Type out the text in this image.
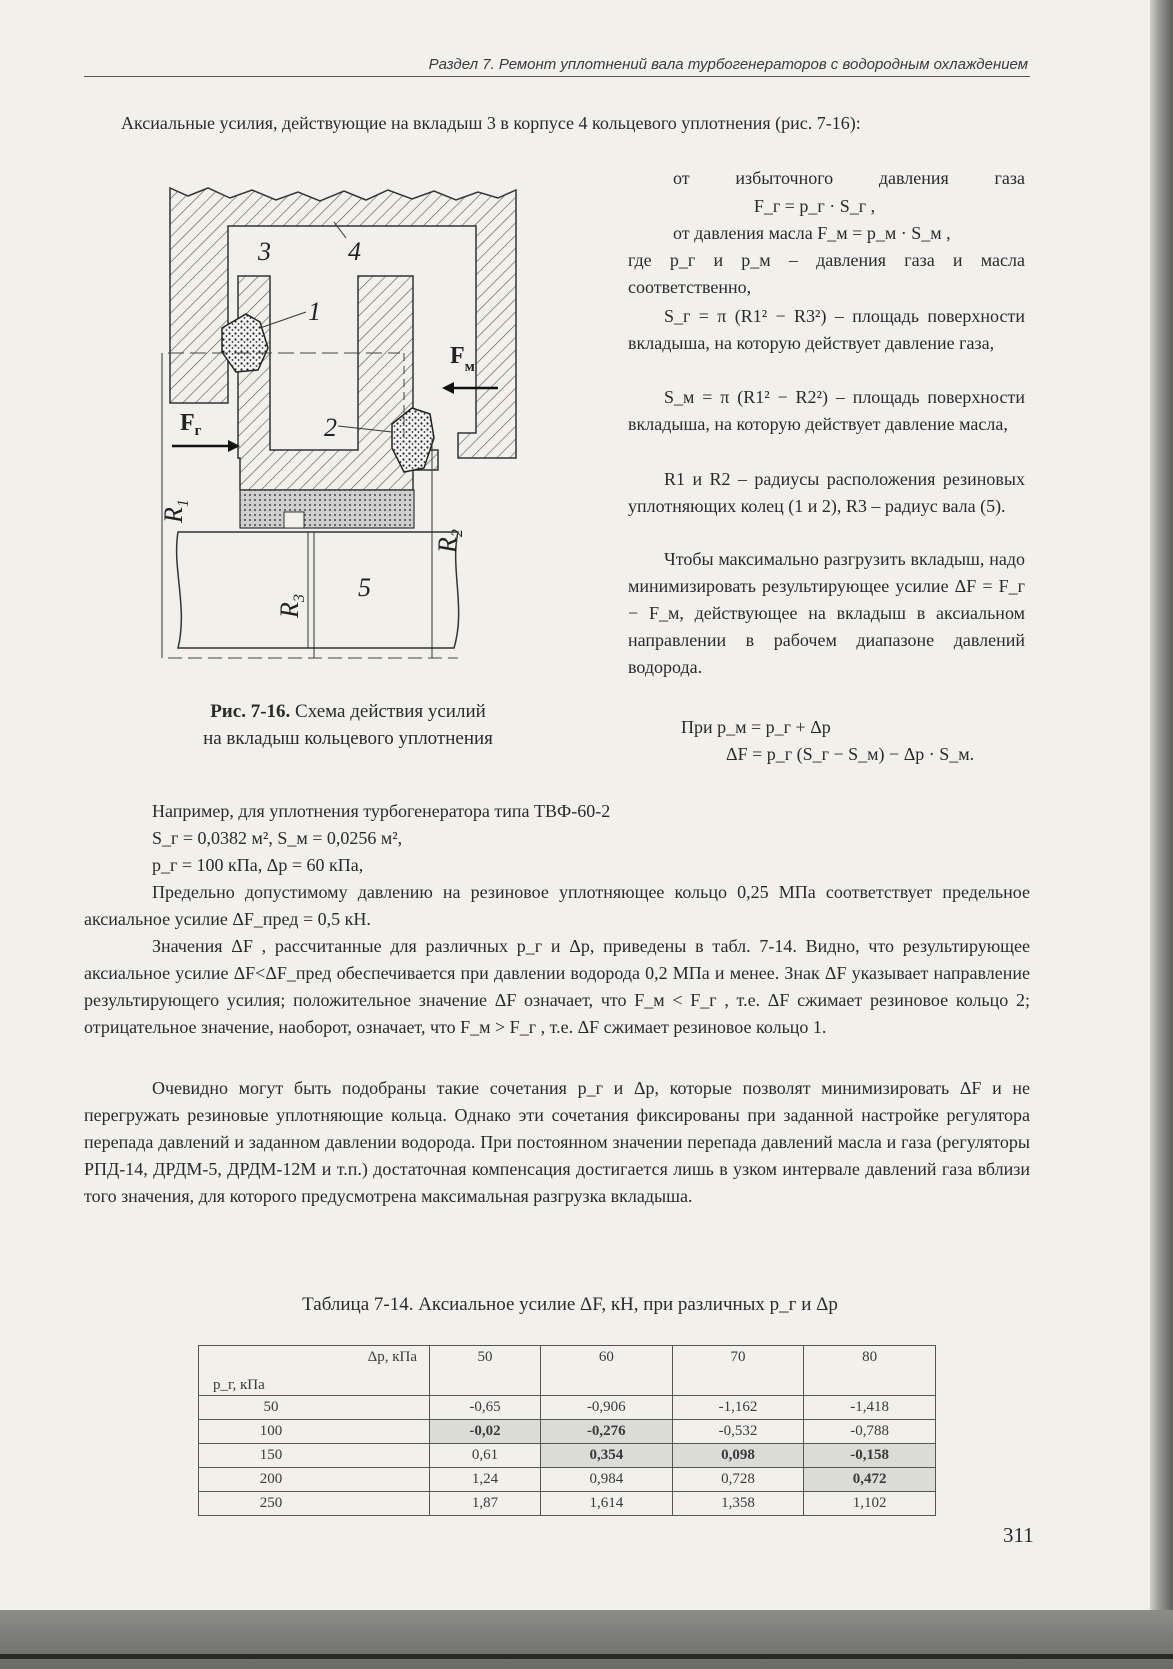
Раздел 7. Ремонт уплотнений вала турбогенераторов с водородным охлаждением

Аксиальные усилия, действующие на вкладыш 3 в корпусе 4 кольцевого уплотнения (рис. 7-16):

3	4
1
2
5
$F_г$
$F_м$
$R_1$
$R_2$
$R_3$

Рис. 7-16. Схема действия усилий
на вкладыш кольцевого уплотнения

от избыточного давления газа

F_г = p_г · S_г ,

от давления масла F_м = p_м · S_м ,

где p_г и p_м – давления газа и масла соответственно,

S_г = π (R1² − R3²) – площадь поверхности вкладыша, на которую действует давление газа,

S_м = π (R1² − R2²) – площадь поверхности вкладыша, на которую действует давление масла,

R1 и R2 – радиусы расположения резиновых уплотняющих колец (1 и 2), R3 – радиус вала (5).

Чтобы максимально разгрузить вкладыш, надо минимизировать результирующее усилие ΔF = F_г − F_м, действующее на вкладыш в аксиальном направлении в рабочем диапазоне давлений водорода.

При p_м = p_г + Δp

ΔF = p_г (S_г − S_м) − Δp · S_м.

Например, для уплотнения турбогенератора типа ТВФ-60-2

S_г = 0,0382 м², S_м = 0,0256 м²,

p_г = 100 кПа, Δp = 60 кПа,

Предельно допустимому давлению на резиновое уплотняющее кольцо 0,25 МПа соответствует предельное аксиальное усилие ΔF_пред = 0,5 кН.

Значения ΔF , рассчитанные для различных p_г и Δp, приведены в табл. 7-14. Видно, что результирующее аксиальное усилие ΔF<ΔF_пред обеспечивается при давлении водорода 0,2 МПа и менее. Знак ΔF указывает направление результирующего усилия; положительное значение ΔF означает, что F_м < F_г , т.е. ΔF сжимает резиновое кольцо 2; отрицательное значение, наоборот, означает, что F_м > F_г , т.е. ΔF сжимает резиновое кольцо 1.

Очевидно могут быть подобраны такие сочетания p_г и Δp, которые позволят минимизировать ΔF и не перегружать резиновые уплотняющие кольца. Однако эти сочетания фиксированы при заданной настройке регулятора перепада давлений и заданном давлении водорода. При постоянном значении перепада давлений масла и газа (регуляторы РПД-14, ДРДМ-5, ДРДМ-12М и т.п.) достаточная компенсация достигается лишь в узком интервале давлений газа вблизи того значения, для которого предусмотрена максимальная разгрузка вкладыша.

Таблица 7-14. Аксиальное усилие ΔF, кН, при различных p_г и Δp
Δр, кПа
р_г, кПа	50	60	70	80
50	-0,65	-0,906	-1,162	-1,418
100	-0,02	-0,276	-0,532	-0,788
150	0,61	0,354	0,098	-0,158
200	1,24	0,984	0,728	0,472
250	1,87	1,614	1,358	1,102
311
